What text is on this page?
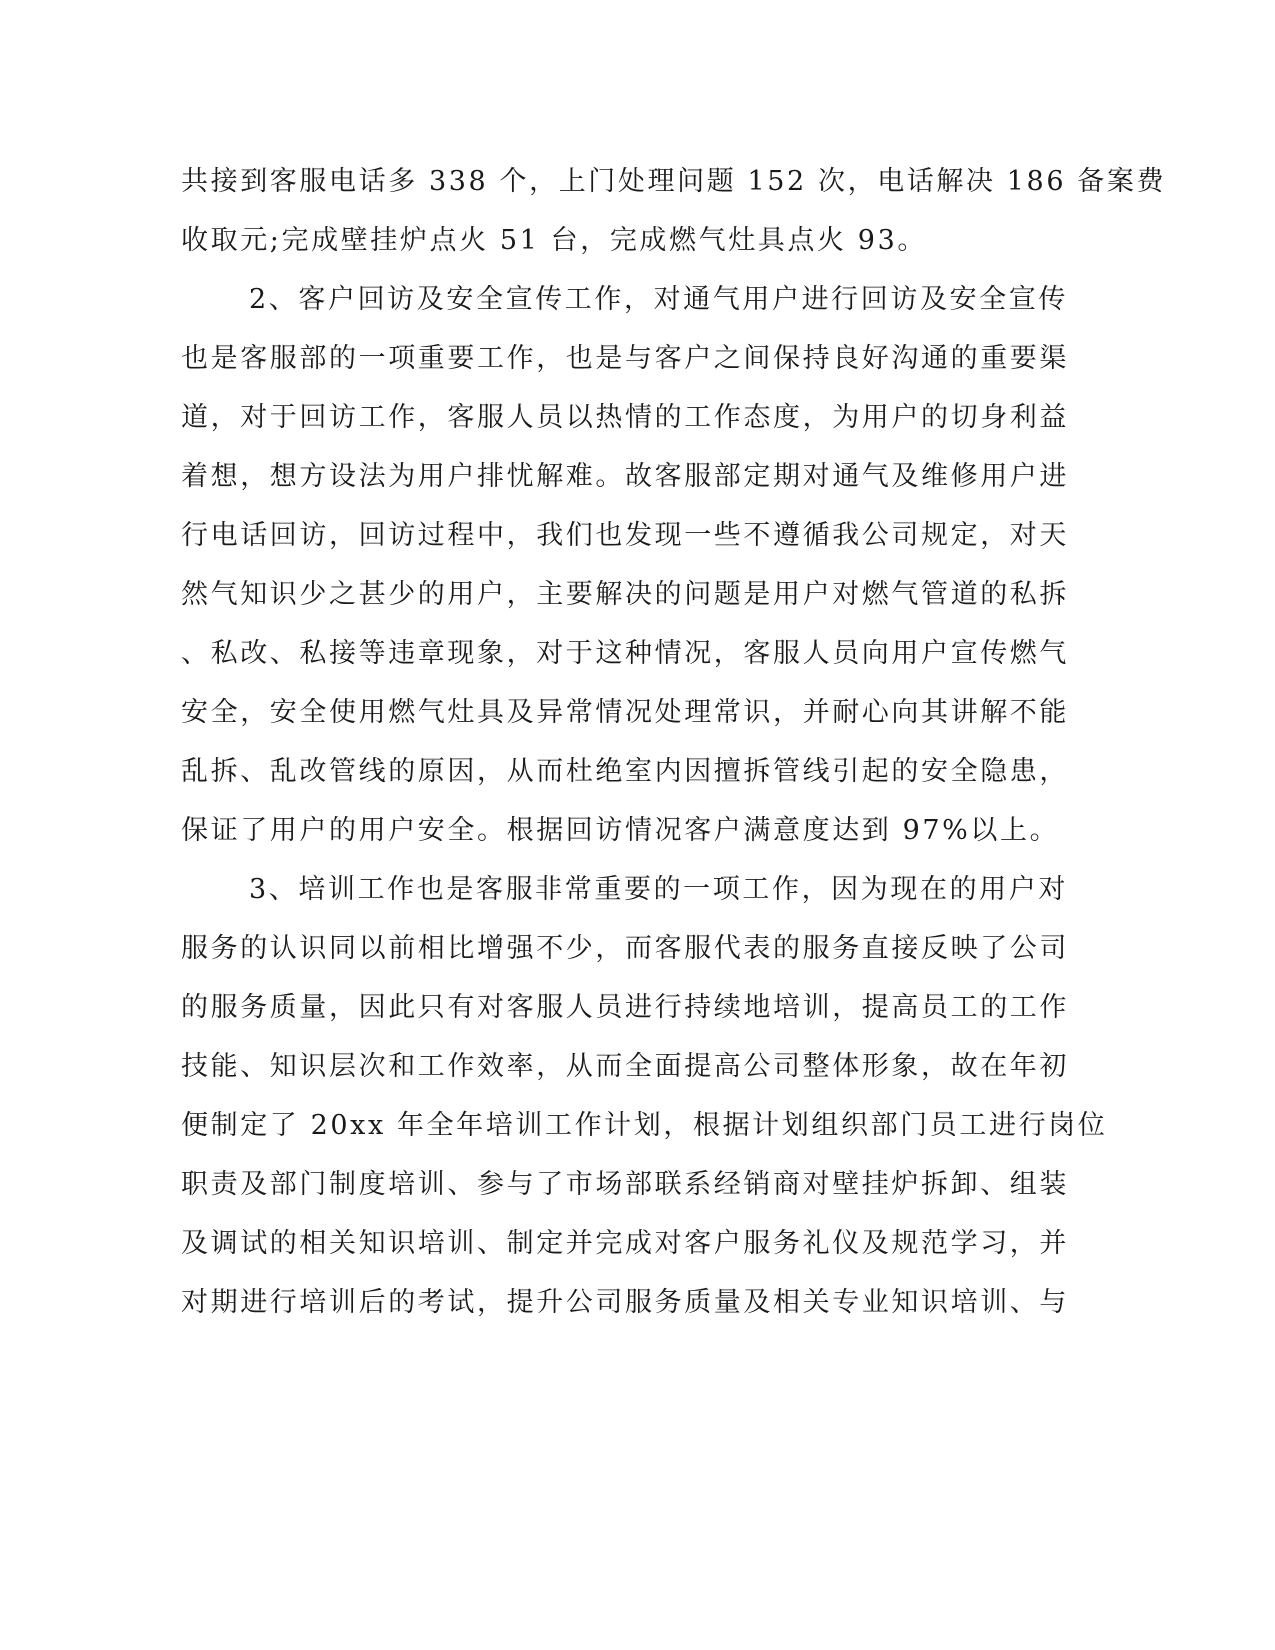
共接到客服电话多 338 个，上门处理问题 152 次，电话解决 186 备案费
收取元;完成壁挂炉点火 51 台，完成燃气灶具点火 93。
2、客户回访及安全宣传工作，对通气用户进行回访及安全宣传
也是客服部的一项重要工作，也是与客户之间保持良好沟通的重要渠
道，对于回访工作，客服人员以热情的工作态度，为用户的切身利益
着想，想方设法为用户排忧解难。故客服部定期对通气及维修用户进
行电话回访，回访过程中，我们也发现一些不遵循我公司规定，对天
然气知识少之甚少的用户，主要解决的问题是用户对燃气管道的私拆
、私改、私接等违章现象，对于这种情况，客服人员向用户宣传燃气
安全，安全使用燃气灶具及异常情况处理常识，并耐心向其讲解不能
乱拆、乱改管线的原因，从而杜绝室内因擅拆管线引起的安全隐患，
保证了用户的用户安全。根据回访情况客户满意度达到 97%以上。
3、培训工作也是客服非常重要的一项工作，因为现在的用户对
服务的认识同以前相比增强不少，而客服代表的服务直接反映了公司
的服务质量，因此只有对客服人员进行持续地培训，提高员工的工作
技能、知识层次和工作效率，从而全面提高公司整体形象，故在年初
便制定了 20xx 年全年培训工作计划，根据计划组织部门员工进行岗位
职责及部门制度培训、参与了市场部联系经销商对壁挂炉拆卸、组装
及调试的相关知识培训、制定并完成对客户服务礼仪及规范学习，并
对期进行培训后的考试，提升公司服务质量及相关专业知识培训、与
